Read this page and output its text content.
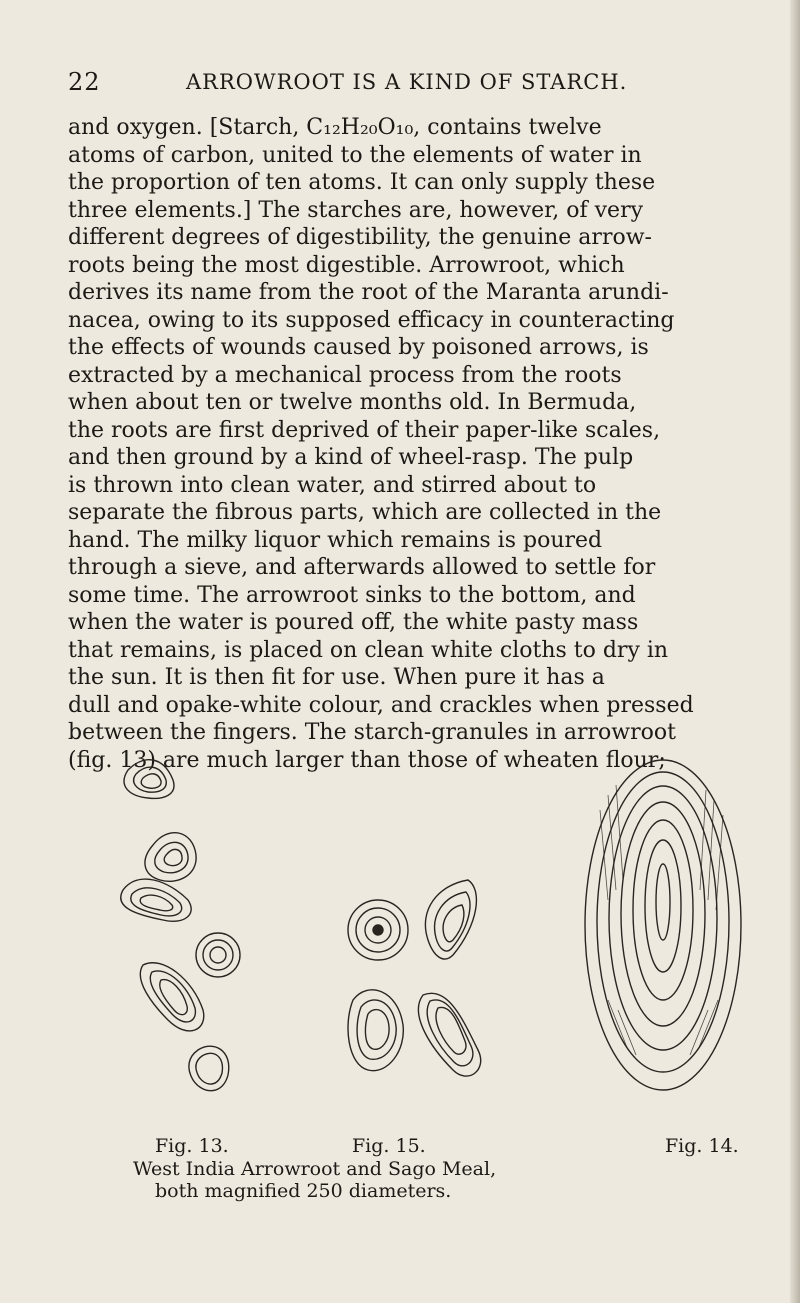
22	ARROWROOT IS A KIND OF STARCH.
and oxygen. [Starch, C₁₂H₂₀O₁₀, contains twelve
atoms of carbon, united to the elements of water in
the proportion of ten atoms. It can only supply these
three elements.] The starches are, however, of very
different degrees of digestibility, the genuine arrow-
roots being the most digestible. Arrowroot, which
derives its name from the root of the Maranta arundi-
nacea, owing to its supposed efficacy in counteracting
the effects of wounds caused by poisoned arrows, is
extracted by a mechanical process from the roots
when about ten or twelve months old. In Bermuda,
the roots are first deprived of their paper-like scales,
and then ground by a kind of wheel-rasp. The pulp
is thrown into clean water, and stirred about to
separate the fibrous parts, which are collected in the
hand. The milky liquor which remains is poured
through a sieve, and afterwards allowed to settle for
some time. The arrowroot sinks to the bottom, and
when the water is poured off, the white pasty mass
that remains, is placed on clean white cloths to dry in
the sun. It is then fit for use. When pure it has a
dull and opake-white colour, and crackles when pressed
between the fingers. The starch-granules in arrowroot
(fig. 13) are much larger than those of wheaten flour;
Fig. 13.	Fig. 15.	Fig. 14.
West India Arrowroot and Sago Meal,
both magnified 250 diameters.
